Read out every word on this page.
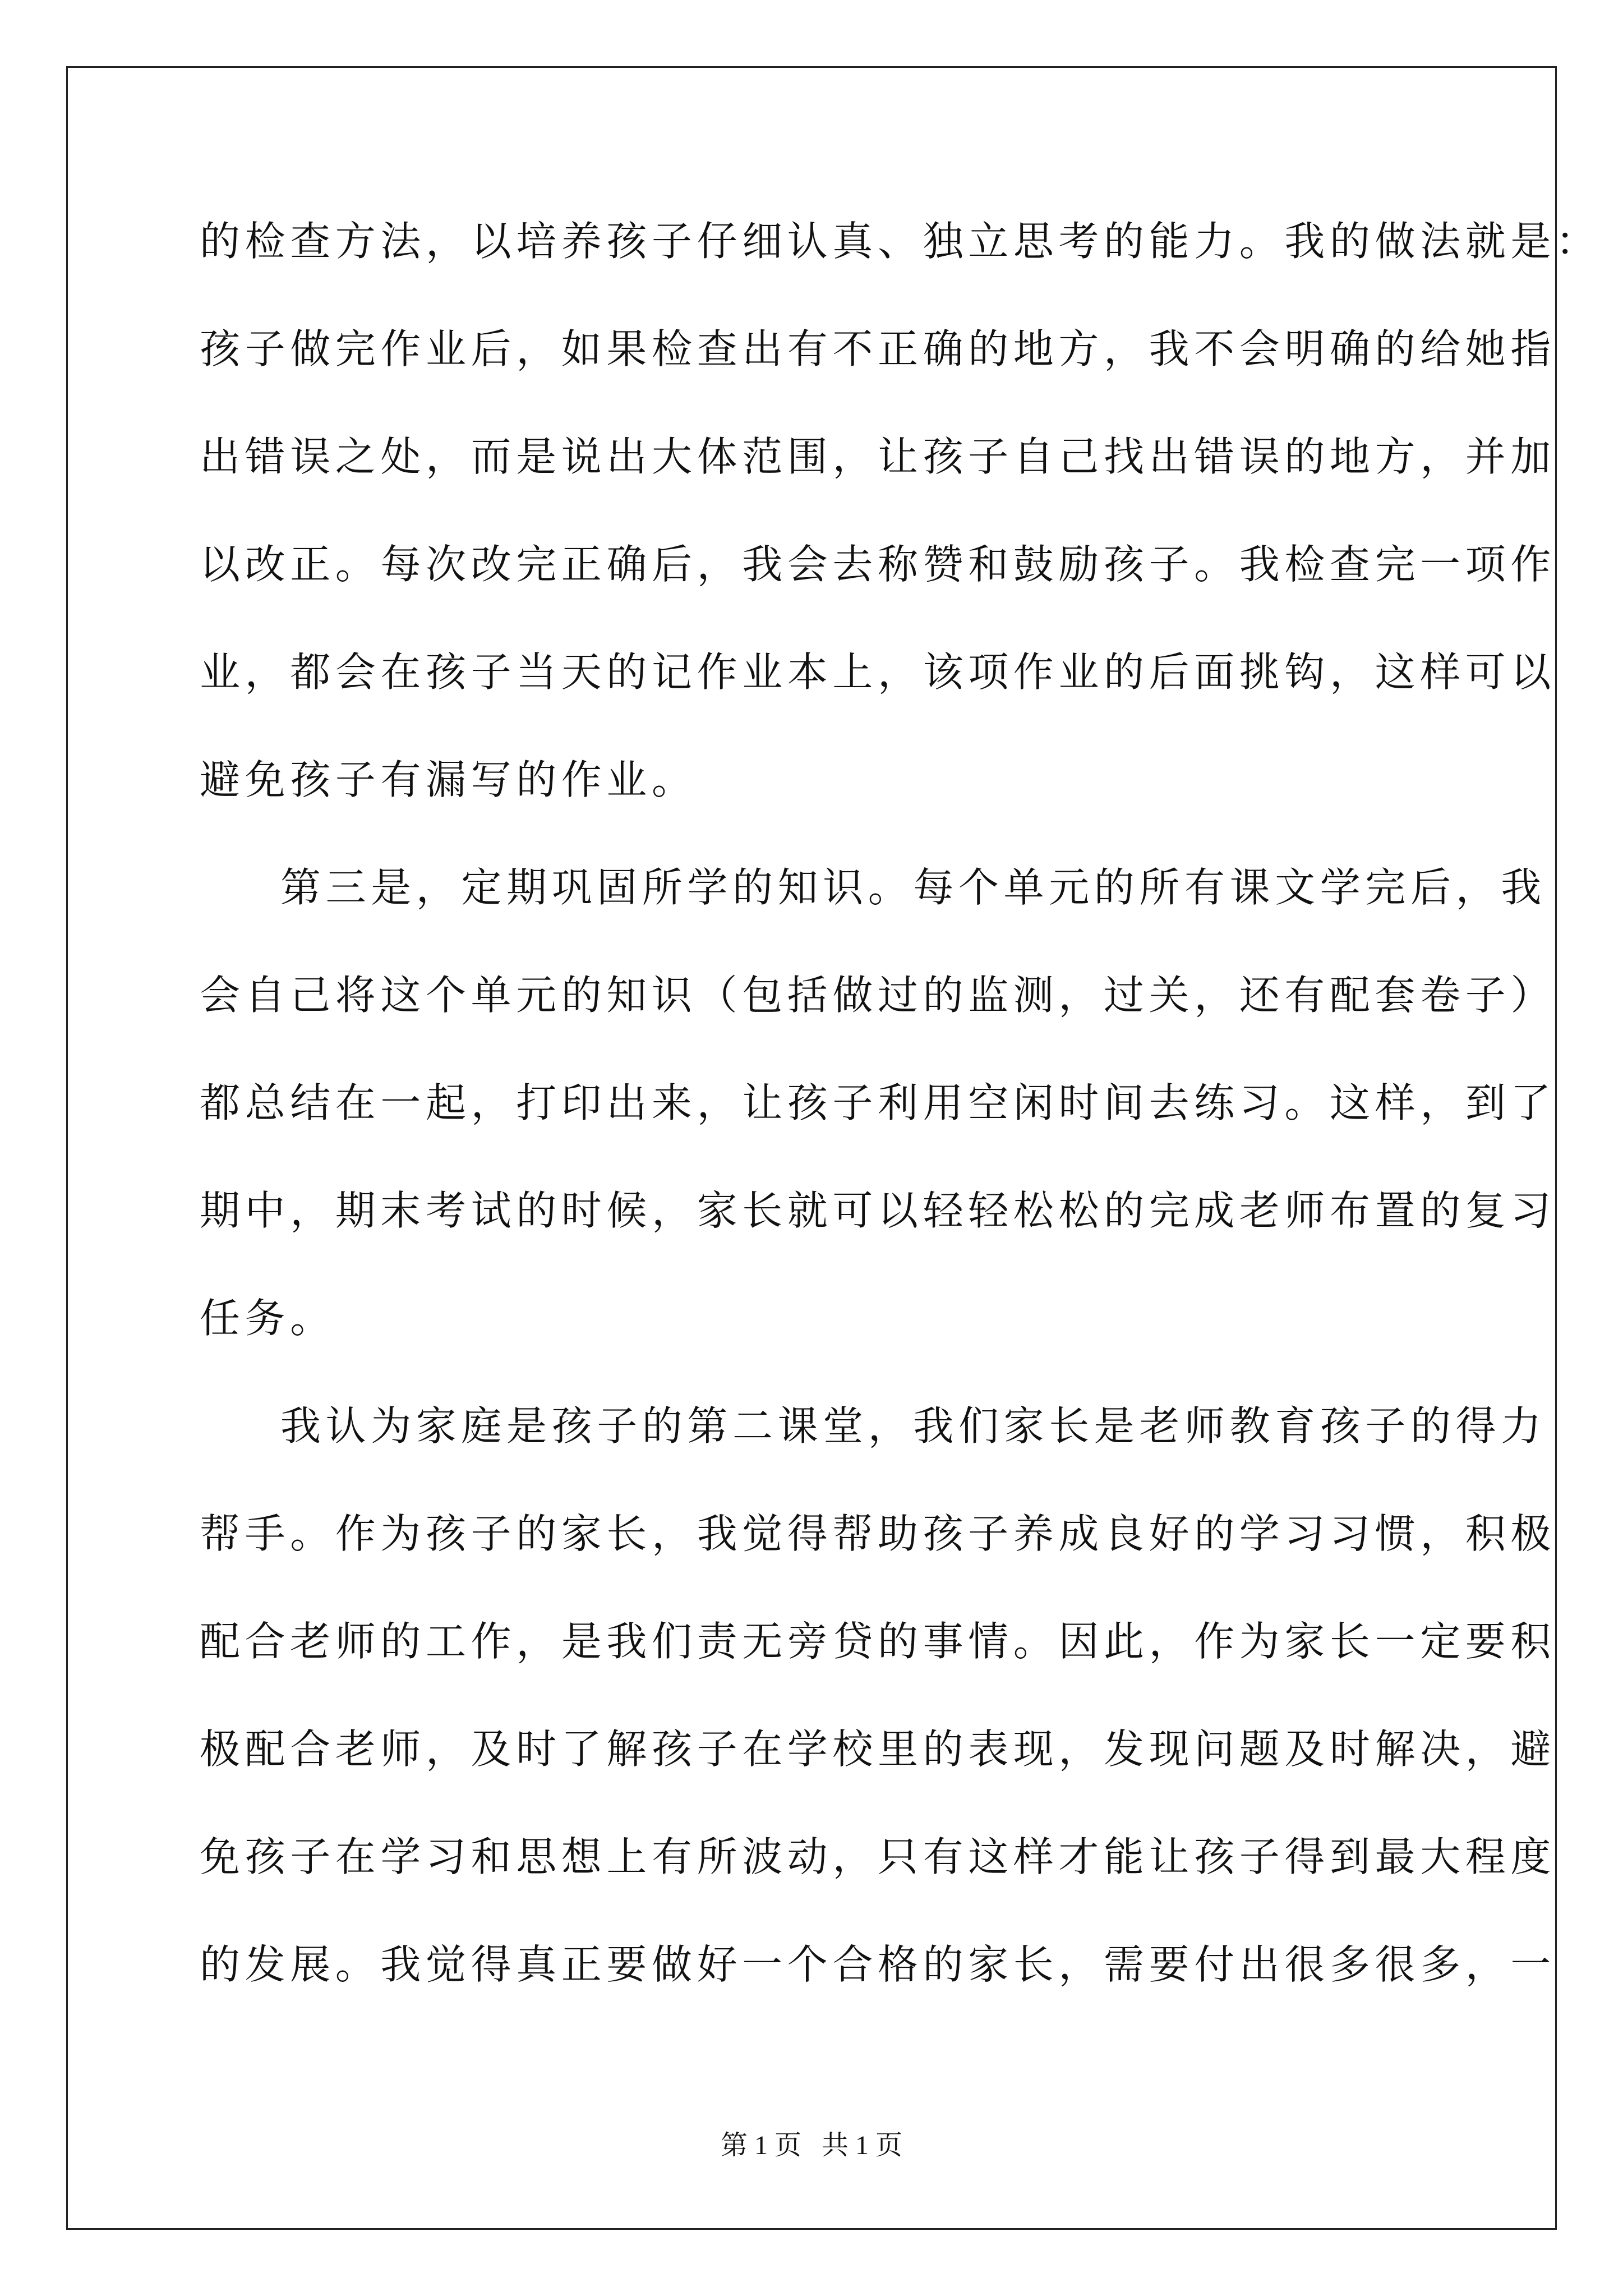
的检查方法，以培养孩子仔细认真、独立思考的能力。我的做法就是：
孩子做完作业后，如果检查出有不正确的地方，我不会明确的给她指
出错误之处，而是说出大体范围，让孩子自己找出错误的地方，并加
以改正。每次改完正确后，我会去称赞和鼓励孩子。我检查完一项作
业，都会在孩子当天的记作业本上，该项作业的后面挑钩，这样可以
避免孩子有漏写的作业。
第三是，定期巩固所学的知识。每个单元的所有课文学完后，我
会自己将这个单元的知识（包括做过的监测，过关，还有配套卷子）
都总结在一起，打印出来，让孩子利用空闲时间去练习。这样，到了
期中，期末考试的时候，家长就可以轻轻松松的完成老师布置的复习
任务。
我认为家庭是孩子的第二课堂，我们家长是老师教育孩子的得力
帮手。作为孩子的家长，我觉得帮助孩子养成良好的学习习惯，积极
配合老师的工作，是我们责无旁贷的事情。因此，作为家长一定要积
极配合老师，及时了解孩子在学校里的表现，发现问题及时解决，避
免孩子在学习和思想上有所波动，只有这样才能让孩子得到最大程度
的发展。我觉得真正要做好一个合格的家长，需要付出很多很多，一
第 1 页   共 1 页
